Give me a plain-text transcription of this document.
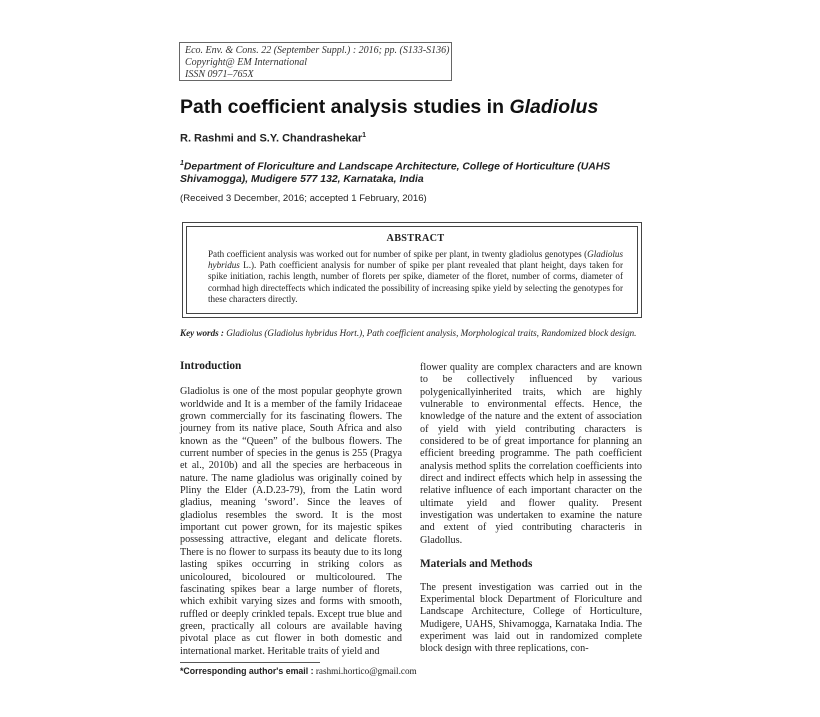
Eco. Env. & Cons. 22 (September Suppl.) : 2016; pp. (S133-S136)
Copyright@ EM International
ISSN 0971–765X
Path coefficient analysis studies in Gladiolus
R. Rashmi and S.Y. Chandrashekar$^1$
$^1$Department of Floriculture and Landscape Architecture, College of Horticulture (UAHS Shivamogga), Mudigere 577 132, Karnataka, India
(Received 3 December, 2016; accepted 1 February, 2016)
ABSTRACT
Path coefficient analysis was worked out for number of spike per plant, in twenty gladiolus genotypes (Gladiolus hybridus L.). Path coefficient analysis for number of spike per plant revealed that plant height, days taken for spike initiation, rachis length, number of florets per spike, diameter of the floret, number of corms, diameter of cormhad high directeffects which indicated the possibility of increasing spike yield by selecting the genotypes for these characters directly.
Key words : Gladiolus (Gladiolus hybridus Hort.), Path coefficient analysis, Morphological traits, Randomized block design.

Introduction

Gladiolus is one of the most popular geophyte grown worldwide and It is a member of the family Iridaceae grown commercially for its fascinating flowers. The journey from its native place, South Africa and also known as the “Queen” of the bulbous flowers. The current number of species in the genus is 255 (Pragya et al., 2010b) and all the species are herbaceous in nature. The name gladiolus was originally coined by Pliny the Elder (A.D.23-79), from the Latin word gladius, meaning ‘sword’. Since the leaves of gladiolus resembles the sword. It is the most important cut power grown, for its majestic spikes possessing attractive, elegant and delicate florets. There is no flower to surpass its beauty due to its long lasting spikes occurring in striking colors as unicoloured, bicoloured or multicoloured. The fascinating spikes bear a large number of florets, which exhibit varying sizes and forms with smooth, ruffled or deeply crinkled tepals. Except true blue and green, practically all colours are available having pivotal place as cut flower in both domestic and international market. Heritable traits of yield and

flower quality are complex characters and are known to be collectively influenced by various polygenicallyinherited traits, which are highly vulnerable to environmental effects. Hence, the knowledge of the nature and the extent of association of yield with yield contributing characters is considered to be of great importance for planning an efficient breeding programme. The path coefficient analysis method splits the correlation coefficients into direct and indirect effects which help in assessing the relative influence of each important character on the ultimate yield and flower quality. Present investigation was undertaken to examine the nature and extent of yied contributing characteris in Gladollus.

Materials and Methods

The present investigation was carried out in the Experimental block Department of Floriculture and Landscape Architecture, College of Horticulture, Mudigere, UAHS, Shivamogga, Karnataka India. The experiment was laid out in randomized complete block design with three replications, con-

*Corresponding author's email : rashmi.hortico@gmail.com
